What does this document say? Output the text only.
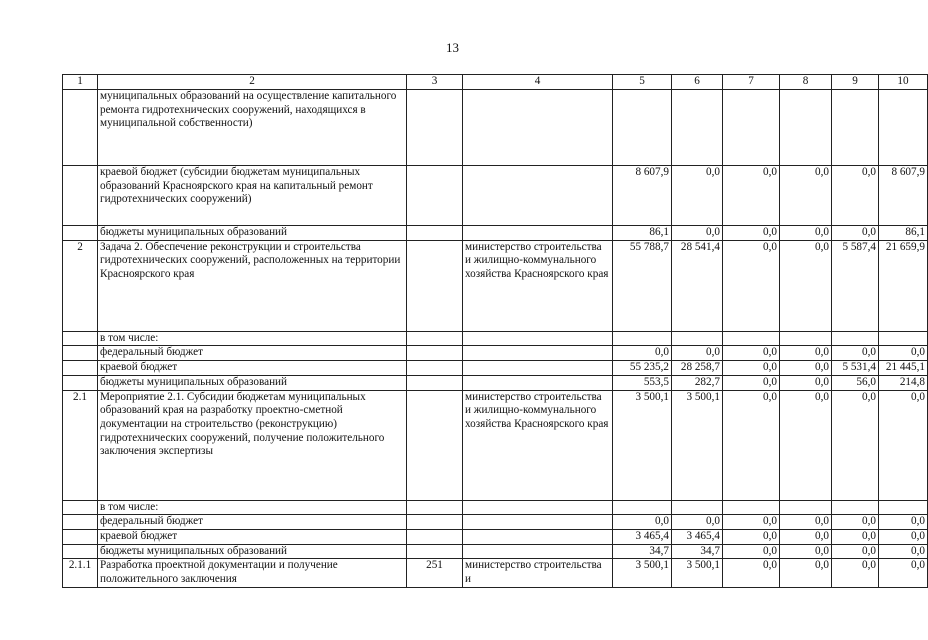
13
1	2	3	4	5	6	7	8	9	10
	муниципальных образований на осуществление капитального ремонта гидротехнических сооружений, находящихся в муниципальной собственности)								
	краевой бюджет (субсидии бюджетам муниципальных образований Красноярского края на капитальный ремонт гидротехнических сооружений)			8 607,9	0,0	0,0	0,0	0,0	8 607,9
	бюджеты муниципальных образований			86,1	0,0	0,0	0,0	0,0	86,1
2	Задача 2. Обеспечение реконструкции и строительства гидротехнических сооружений, расположенных на территории Красноярского края		министерство строительства и жилищно-коммунального хозяйства Красноярского края	55 788,7	28 541,4	0,0	0,0	5 587,4	21 659,9
	в том числе:								
	федеральный бюджет			0,0	0,0	0,0	0,0	0,0	0,0
	краевой бюджет			55 235,2	28 258,7	0,0	0,0	5 531,4	21 445,1
	бюджеты муниципальных образований			553,5	282,7	0,0	0,0	56,0	214,8
2.1	Мероприятие 2.1. Субсидии бюджетам муниципальных образований края на разработку проектно-сметной документации на строительство (реконструкцию) гидротехнических сооружений, получение положительного заключения экспертизы		министерство строительства и жилищно-коммунального хозяйства Красноярского края	3 500,1	3 500,1	0,0	0,0	0,0	0,0
	в том числе:								
	федеральный бюджет			0,0	0,0	0,0	0,0	0,0	0,0
	краевой бюджет			3 465,4	3 465,4	0,0	0,0	0,0	0,0
	бюджеты муниципальных образований			34,7	34,7	0,0	0,0	0,0	0,0
2.1.1	Разработка проектной документации и получение положительного заключения	251	министерство строительства и	3 500,1	3 500,1	0,0	0,0	0,0	0,0
